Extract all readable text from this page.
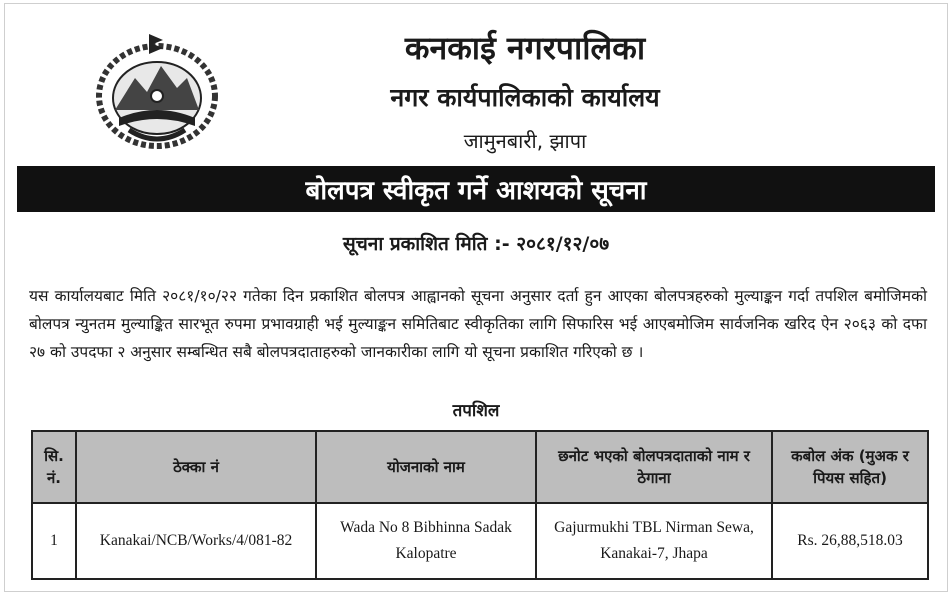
कनकाई नगरपालिका
नगर कार्यपालिकाको कार्यालय
जामुनबारी, झापा
बोलपत्र स्वीकृत गर्ने आशयको सूचना
सूचना प्रकाशित मिति :- २०८१/१२/०७

यस कार्यालयबाट मिति २०८१/१०/२२ गतेका दिन प्रकाशित बोलपत्र आह्वानको सूचना अनुसार दर्ता हुन आएका बोलपत्रहरुको मुल्याङ्कन गर्दा तपशिल बमोजिमको बोलपत्र न्युनतम मुल्याङ्कित सारभूत रुपमा प्रभावग्राही भई मुल्याङ्कन समितिबाट स्वीकृतिका लागि सिफारिस भई आएबमोजिम सार्वजनिक खरिद ऐन २०६३ को दफा २७ को उपदफा २ अनुसार सम्बन्धित सबै बोलपत्रदाताहरुको जानकारीका लागि यो सूचना प्रकाशित गरिएको छ ।

तपशिल
सि. नं.	ठेक्का नं	योजनाको नाम	छनोट भएको बोलपत्रदाताको नाम र ठेगाना	कबोल अंक (मुअक र पियस सहित)
1	Kanakai/NCB/Works/4/081-82	Wada No 8 Bibhinna Sadak Kalopatre	Gajurmukhi TBL Nirman Sewa, Kanakai-7, Jhapa	Rs. 26,88,518.03
